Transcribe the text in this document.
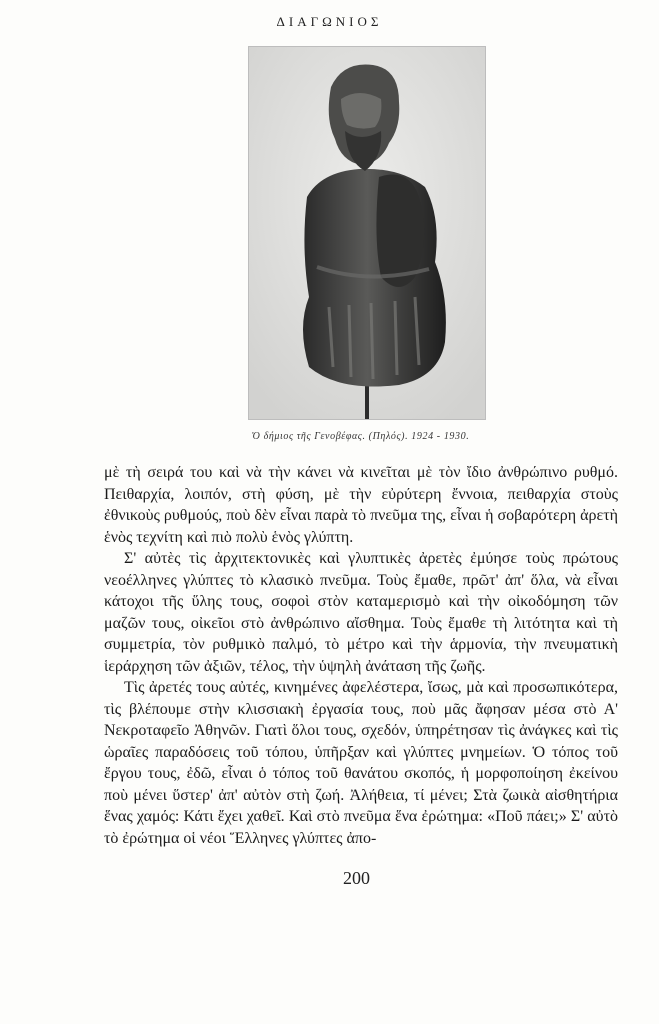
ΔΙΑΓΩΝΙΟΣ
Ὁ δήμιος τῆς Γενοβέφας. (Πηλός). 1924 - 1930.

μὲ τὴ σειρά του καὶ νὰ τὴν κάνει νὰ κινεῖται μὲ τὸν ἴδιο ἀνθρώπινο ρυθμό. Πειθαρχία, λοιπόν, στὴ φύση, μὲ τὴν εὐρύτερη ἔννοια, πειθαρχία στοὺς ἐθνικοὺς ρυθμούς, ποὺ δὲν εἶναι παρὰ τὸ πνεῦμα της, εἶναι ἡ σοβαρότερη ἀρετὴ ἑνὸς τεχνίτη καὶ πιὸ πολὺ ἑνὸς γλύπτη.

Σ' αὐτὲς τὶς ἀρχιτεκτονικὲς καὶ γλυπτικὲς ἀρετὲς ἐμύησε τοὺς πρώτους νεοέλληνες γλύπτες τὸ κλασικὸ πνεῦμα. Τοὺς ἔμαθε, πρῶτ' ἀπ' ὅλα, νὰ εἶναι κάτοχοι τῆς ὕλης τους, σοφοὶ στὸν καταμερισμὸ καὶ τὴν οἰκοδόμηση τῶν μαζῶν τους, οἰκεῖοι στὸ ἀνθρώπινο αἴσθημα. Τοὺς ἔμαθε τὴ λιτότητα καὶ τὴ συμμετρία, τὸν ρυθμικὸ παλμό, τὸ μέτρο καὶ τὴν ἁρμονία, τὴν πνευματικὴ ἱεράρχηση τῶν ἀξιῶν, τέλος, τὴν ὑψηλὴ ἀνάταση τῆς ζωῆς.

Τὶς ἀρετές τους αὐτές, κινημένες ἀφελέστερα, ἴσως, μὰ καὶ προσωπικότερα, τὶς βλέπουμε στὴν κλισσιακὴ ἐργασία τους, ποὺ μᾶς ἄφησαν μέσα στὸ Α' Νεκροταφεῖο Ἀθηνῶν. Γιατὶ ὅλοι τους, σχεδόν, ὑπηρέτησαν τὶς ἀνάγκες καὶ τὶς ὡραῖες παραδόσεις τοῦ τόπου, ὑπῆρξαν καὶ γλύπτες μνημείων. Ὁ τόπος τοῦ ἔργου τους, ἐδῶ, εἶναι ὁ τόπος τοῦ θανάτου σκοπός, ἡ μορφοποίηση ἐκείνου ποὺ μένει ὕστερ' ἀπ' αὐτὸν στὴ ζωή. Ἀλήθεια, τί μένει; Στὰ ζωικὰ αἰσθητήρια ἕνας χαμός: Κάτι ἔχει χαθεῖ. Καὶ στὸ πνεῦμα ἕνα ἐρώτημα: «Ποῦ πάει;» Σ' αὐτὸ τὸ ἐρώτημα οἱ νέοι Ἕλληνες γλύπτες ἀπο-

200
